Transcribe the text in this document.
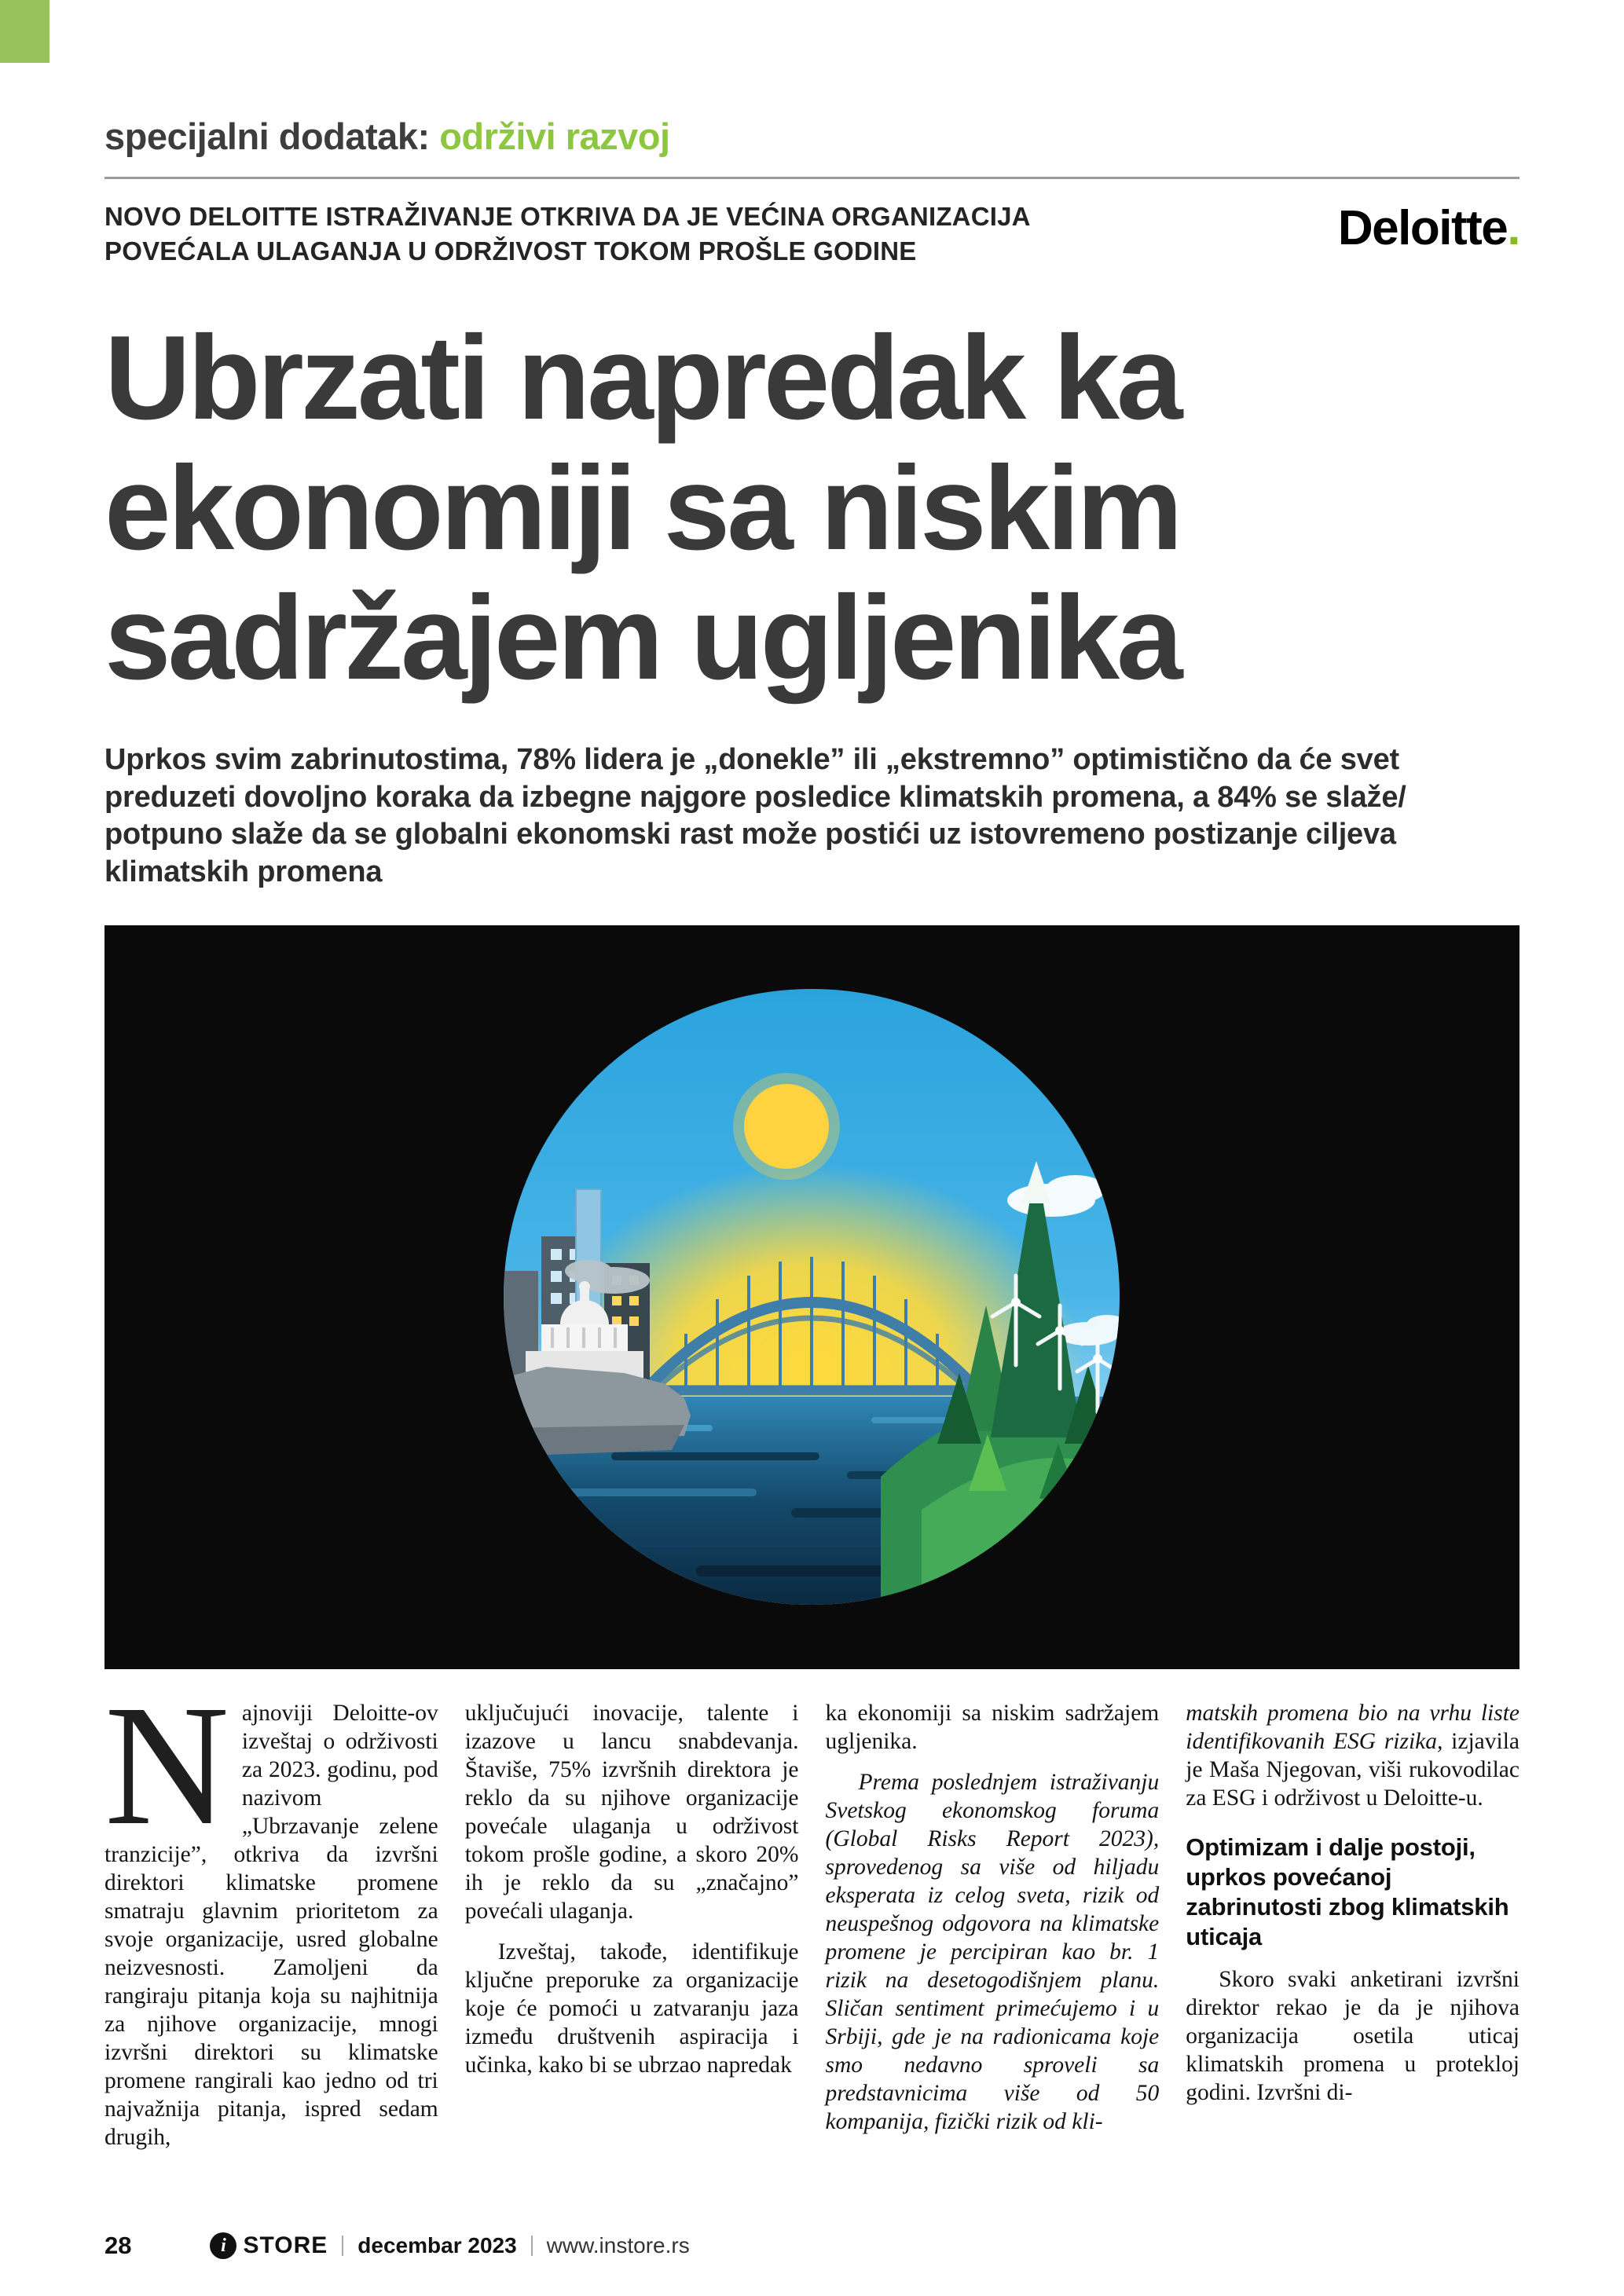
specijalni dodatak: održivi razvoj
NOVO DELOITTE ISTRAŽIVANJE OTKRIVA DA JE VEĆINA ORGANIZACIJA
POVEĆALA ULAGANJA U ODRŽIVOST TOKOM PROŠLE GODINE	Deloitte.
Ubrzati napredak ka
ekonomiji sa niskim
sadržajem ugljenika

Uprkos svim zabrinutostima, 78% lidera je „donekle” ili „ekstremno” optimistično da će svet preduzeti dovoljno koraka da izbegne najgore posledice klimatskih promena, a 84% se slaže/ potpuno slaže da se globalni ekonomski rast može postići uz istovremeno postizanje ciljeva klimatskih promena

Najnoviji Deloitte-ov izveštaj o održivosti za 2023. godinu, pod nazivom „Ubrzavanje zelene tranzicije”, otkriva da izvršni direktori klimatske promene smatraju glavnim prioritetom za svoje organizacije, usred globalne neizvesnosti. Zamoljeni da rangiraju pitanja koja su najhitnija za njihove organizacije, mnogi izvršni direktori su klimatske promene rangirali kao jedno od tri najvažnija pitanja, ispred sedam drugih,

uključujući inovacije, talente i izazove u lancu snabdevanja. Štaviše, 75% izvršnih direktora je reklo da su njihove organizacije povećale ulaganja u održivost tokom prošle godine, a skoro 20% ih je reklo da su „značajno” povećali ulaganja.

Izveštaj, takođe, identifikuje ključne preporuke za organizacije koje će pomoći u zatvaranju jaza između društvenih aspiracija i učinka, kako bi se ubrzao napredak

ka ekonomiji sa niskim sadržajem ugljenika.

Prema poslednjem istraživanju Svetskog ekonomskog foruma (Global Risks Report 2023), sprovedenog sa više od hiljadu eksperata iz celog sveta, rizik od neuspešnog odgovora na klimatske promene je percipiran kao br. 1 rizik na desetogodišnjem planu. Sličan sentiment primećujemo i u Srbiji, gde je na radionicama koje smo nedavno sproveli sa predstavnicima više od 50 kompanija, fizički rizik od kli-

matskih promena bio na vrhu liste identifikovanih ESG rizika, izjavila je Maša Njegovan, viši rukovodilac za ESG i održivost u Deloitte-u.

Optimizam i dalje postoji, uprkos povećanoj zabrinutosti zbog klimatskih uticaja

Skoro svaki anketirani izvršni direktor rekao je da je njihova organizacija osetila uticaj klimatskih promena u protekloj godini. Izvršni di-

28	i STORE decembar 2023 www.instore.rs
